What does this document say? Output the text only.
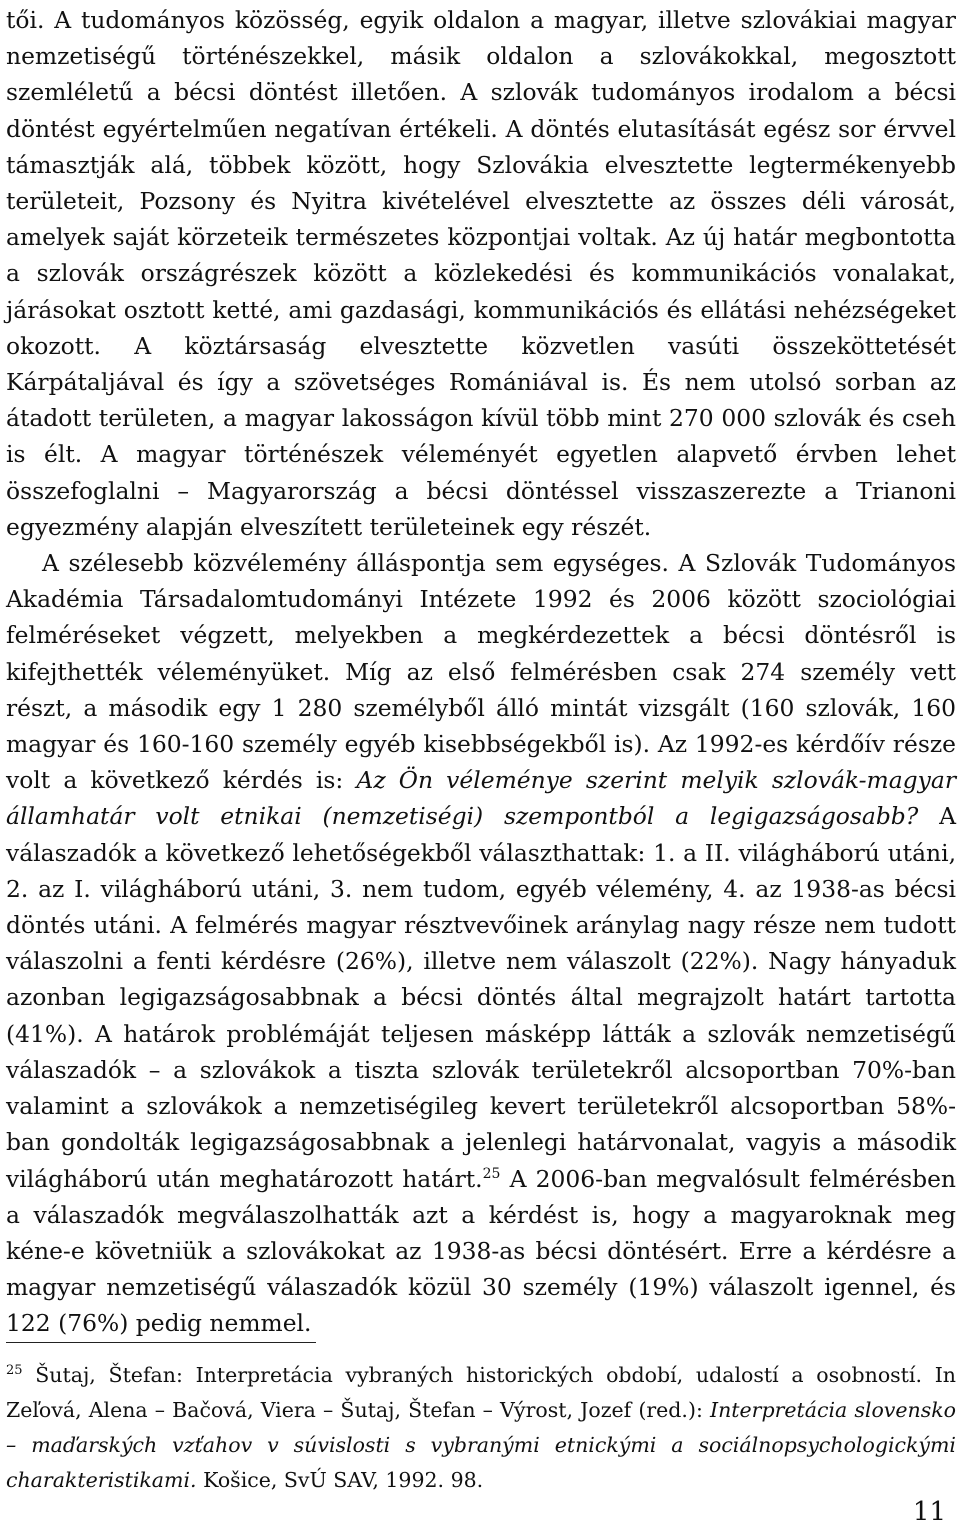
tői. A tudományos közösség, egyik oldalon a magyar, illetve szlovákiai magyar nemzetiségű történészekkel, másik oldalon a szlovákokkal, megosztott szemléletű a bécsi döntést illetően. A szlovák tudományos irodalom a bécsi döntést egyértelműen negatívan értékeli. A döntés elutasítását egész sor érvvel támasztják alá, többek között, hogy Szlovákia elvesztette legtermékenyebb területeit, Pozsony és Nyitra kivételével elvesztette az összes déli városát, amelyek saját körzeteik természetes központjai voltak. Az új határ megbontotta a szlovák országrészek között a közlekedési és kommunikációs vonalakat, járásokat osztott ketté, ami gazdasági, kommunikációs és ellátási nehézségeket okozott. A köztársaság elvesztette közvetlen vasúti összeköttetését Kárpátaljával és így a szövetséges Romániával is. És nem utolsó sorban az átadott területen, a magyar lakosságon kívül több mint 270 000 szlovák és cseh is élt. A magyar történészek véleményét egyetlen alapvető érvben lehet összefoglalni – Magyarország a bécsi döntéssel visszaszerezte a Trianoni egyezmény alapján elveszített területeinek egy részét.

A szélesebb közvélemény álláspontja sem egységes. A Szlovák Tudományos Akadémia Társadalomtudományi Intézete 1992 és 2006 között szociológiai felméréseket végzett, melyekben a megkérdezettek a bécsi döntésről is kifejthették véleményüket. Míg az első felmérésben csak 274 személy vett részt, a második egy 1 280 személyből álló mintát vizsgált (160 szlovák, 160 magyar és 160-160 személy egyéb kisebbségekből is). Az 1992-es kérdőív része volt a következő kérdés is: Az Ön véleménye szerint melyik szlovák-magyar államhatár volt etnikai (nemzetiségi) szempontból a legigazságosabb? A válaszadók a következő lehetőségekből választhattak: 1. a II. világháború utáni, 2. az I. világháború utáni, 3. nem tudom, egyéb vélemény, 4. az 1938-as bécsi döntés utáni. A felmérés magyar résztvevőinek aránylag nagy része nem tudott válaszolni a fenti kérdésre (26%), illetve nem válaszolt (22%). Nagy hányaduk azonban legigazságosabbnak a bécsi döntés által megrajzolt határt tartotta (41%). A határok problémáját teljesen másképp látták a szlovák nemzetiségű válaszadók – a szlovákok a tiszta szlovák területekről alcsoportban 70%-ban valamint a szlovákok a nemzetiségileg kevert területekről alcsoportban 58%-ban gondolták legigazságosabbnak a jelenlegi határvonalat, vagyis a második világháború után meghatározott határt.$^{25}$ A 2006-ban megvalósult felmérésben a válaszadók megválaszolhatták azt a kérdést is, hogy a magyaroknak meg kéne-e követniük a szlovákokat az 1938-as bécsi döntésért. Erre a kérdésre a magyar nemzetiségű válaszadók közül 30 személy (19%) válaszolt igennel, és 122 (76%) pedig nemmel.

$^{25}$ Šutaj, Štefan: Interpretácia vybraných historických období, udalostí a osobností. In Zeľová, Alena – Bačová, Viera – Šutaj, Štefan – Výrost, Jozef (red.): Interpretácia slovensko – maďarských vzťahov v súvislosti s vybranými etnickými a sociálnopsychologickými charakteristikami. Košice, SvÚ SAV, 1992. 98.

11
